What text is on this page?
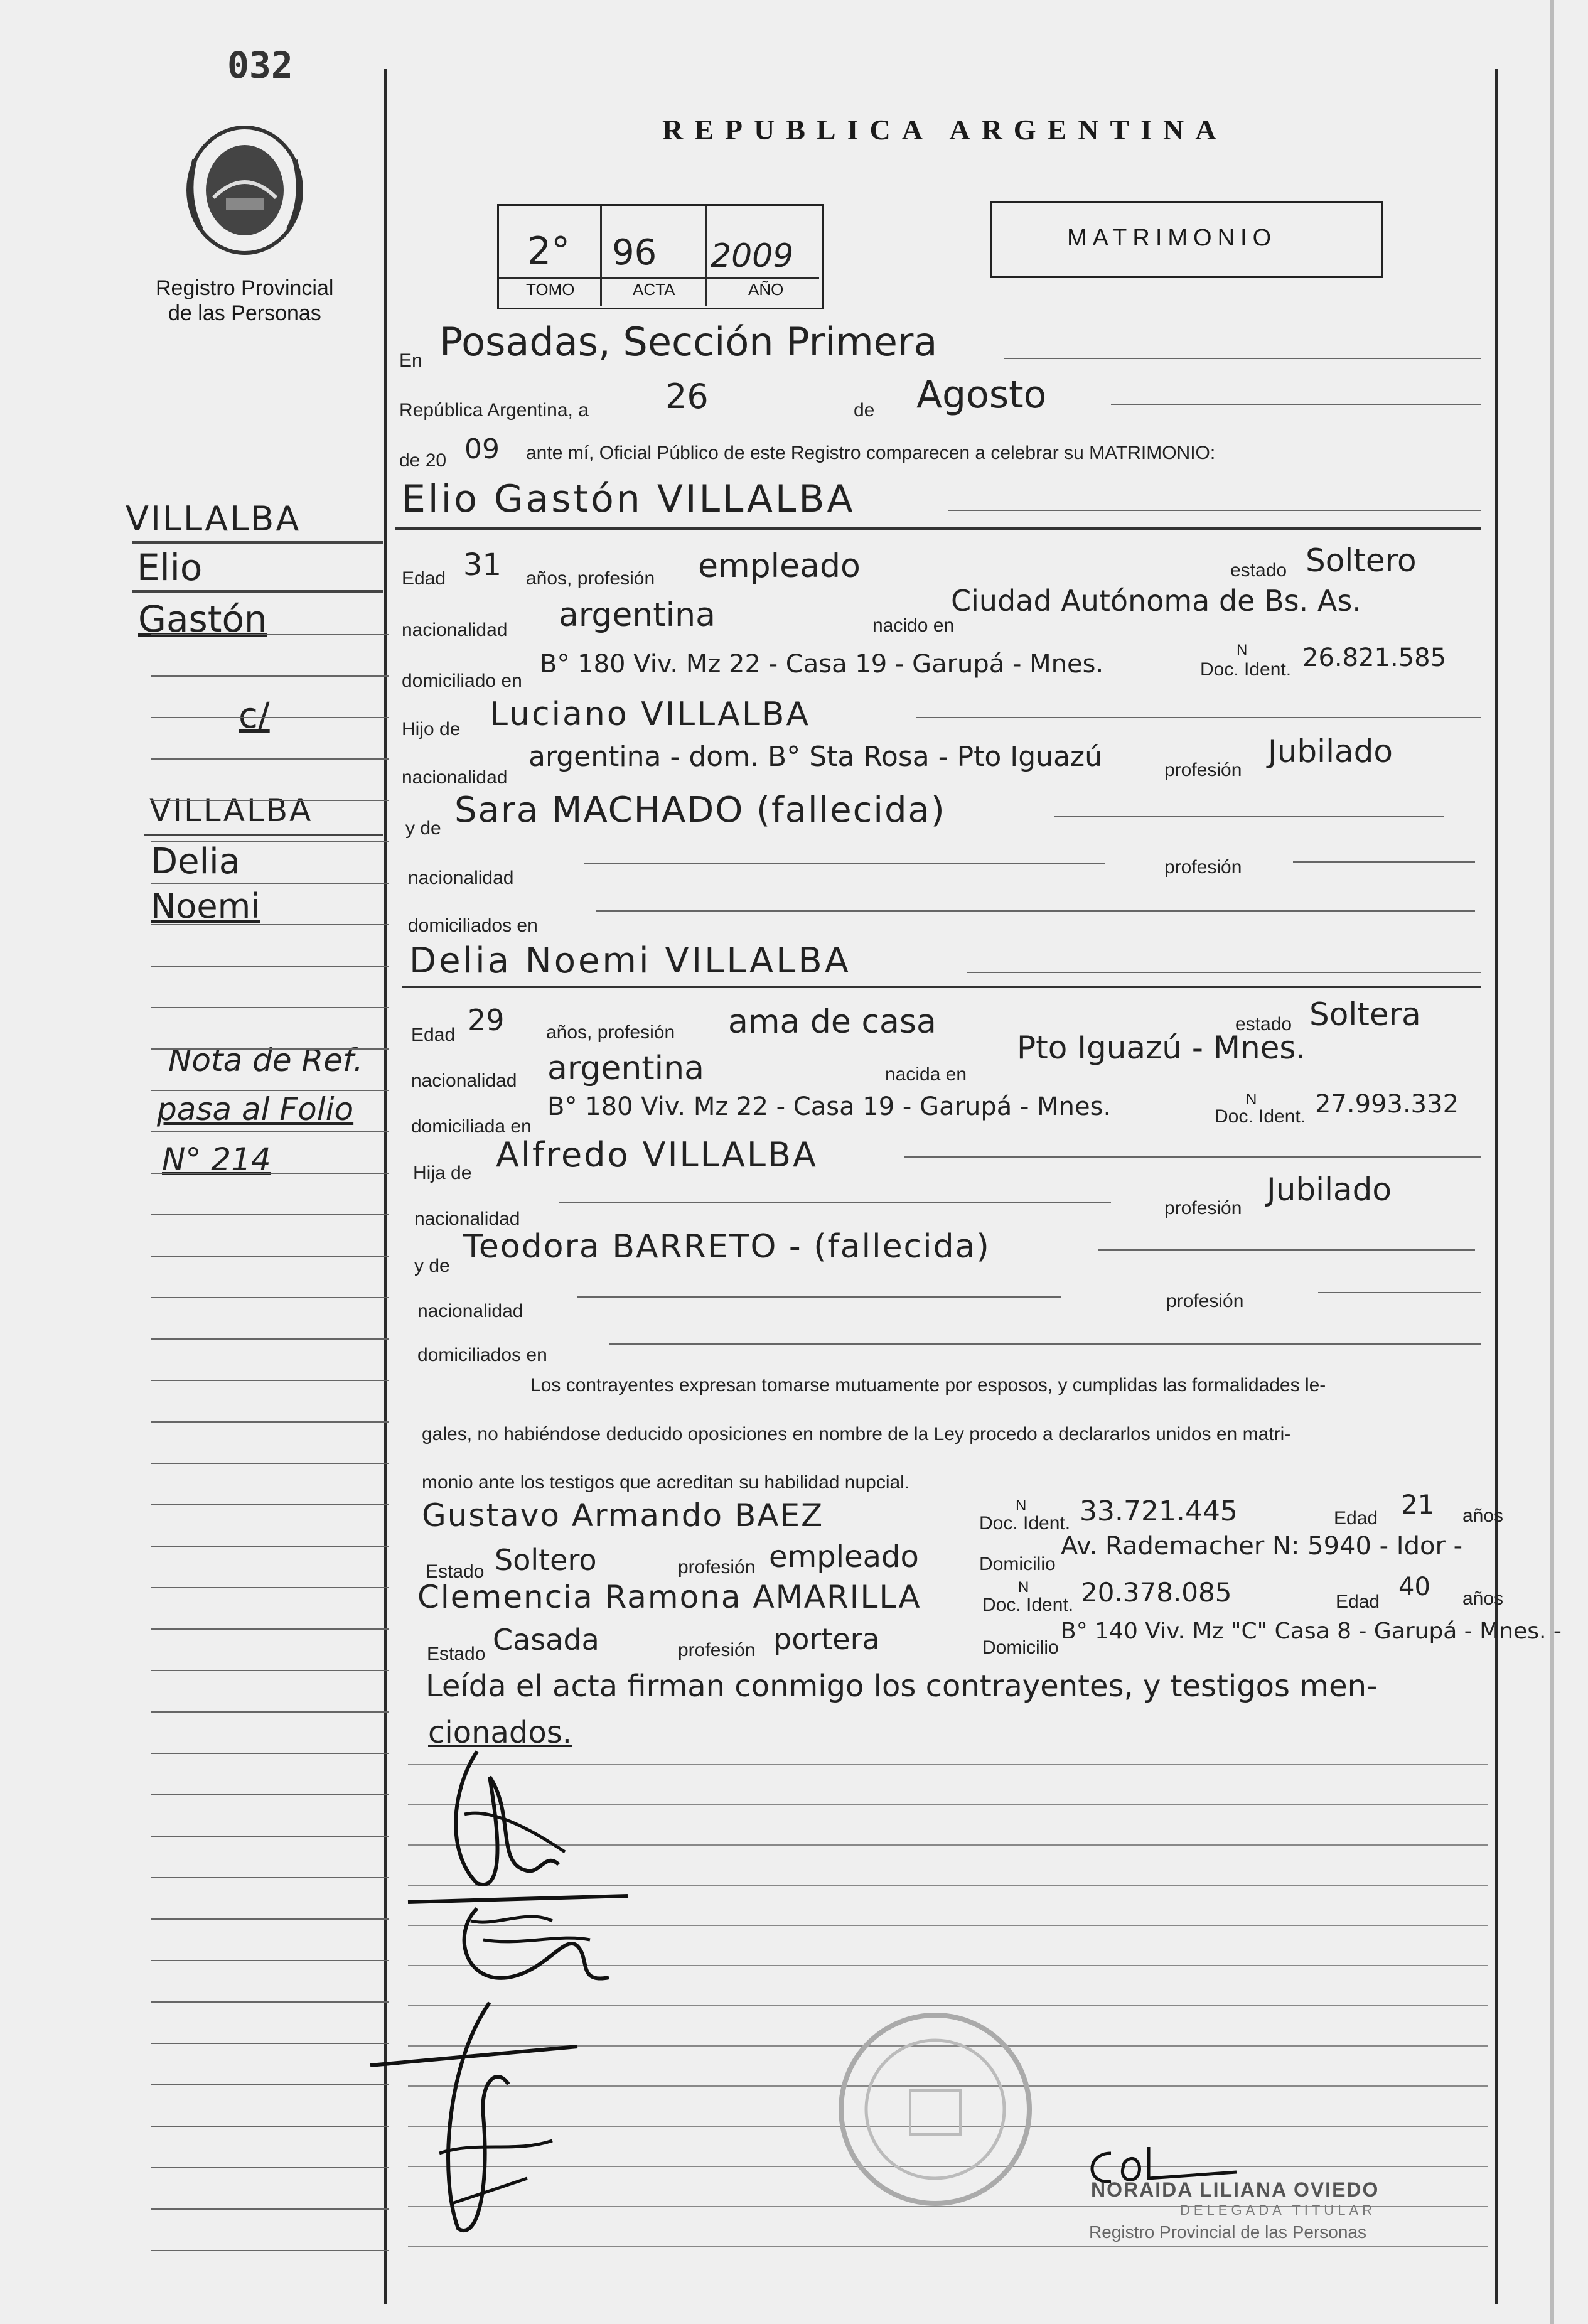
032
Registro Provincial
de las Personas
REPUBLICA ARGENTINA
2° 96 2009
TOMO	ACTA	AÑO
MATRIMONIO
VILLALBA
Elio
Gastón
c/
VILLALBA
Delia
Noemi
Nota de Ref.
pasa al Folio
N° 214
En Posadas, Sección Primera
República Argentina, a 26	de Agosto
de 20 09 ante mí, Oficial Público de este Registro comparecen a celebrar su MATRIMONIO:
Elio Gastón VILLALBA
Edad 31 años, profesión empleado	estado Soltero
nacionalidad argentina	nacido en
Ciudad Autónoma de Bs. As.
domiciliado en
B° 180 Viv. Mz 22 - Casa 19 - Garupá - Mnes.	Doc. Ident.
N 26.821.585
Hijo de Luciano VILLALBA
nacionalidad
argentina - dom. B° Sta Rosa - Pto Iguazú	profesión
Jubilado
y de Sara MACHADO (fallecida)
nacionalidad
profesión
domiciliados en
Delia Noemi VILLALBA
Edad 29 años, profesión ama de casa	estado Soltera
nacionalidad argentina	nacida en
Pto Iguazú - Mnes.
domiciliada en
B° 180 Viv. Mz 22 - Casa 19 - Garupá - Mnes.	Doc. Ident.
N 27.993.332
Hija de Alfredo VILLALBA
nacionalidad
profesión
Jubilado
y de
Teodora BARRETO - (fallecida)
nacionalidad	profesión
domiciliados en
Los contrayentes expresan tomarse mutuamente por esposos, y cumplidas las formalidades le-
gales, no habiéndose deducido oposiciones en nombre de la Ley procedo a declararlos unidos en matri-
monio ante los testigos que acreditan su habilidad nupcial.
Gustavo Armando BAEZ	Doc. Ident.
N 33.721.445	Edad 21 años
Estado Soltero	profesión empleado	Domicilio
Av. Rademacher N: 5940 - Idor -
Clemencia Ramona AMARILLA	Doc. Ident.
N 20.378.085	Edad
40 años
Estado Casada	profesión portera	Domicilio
B° 140 Viv. Mz "C" Casa 8 - Garupá - Mnes. -
Leída el acta firman conmigo los contrayentes, y testigos men-
cionados.
NORAIDA LILIANA OVIEDO
DELEGADA TITULAR
Registro Provincial de las Personas
